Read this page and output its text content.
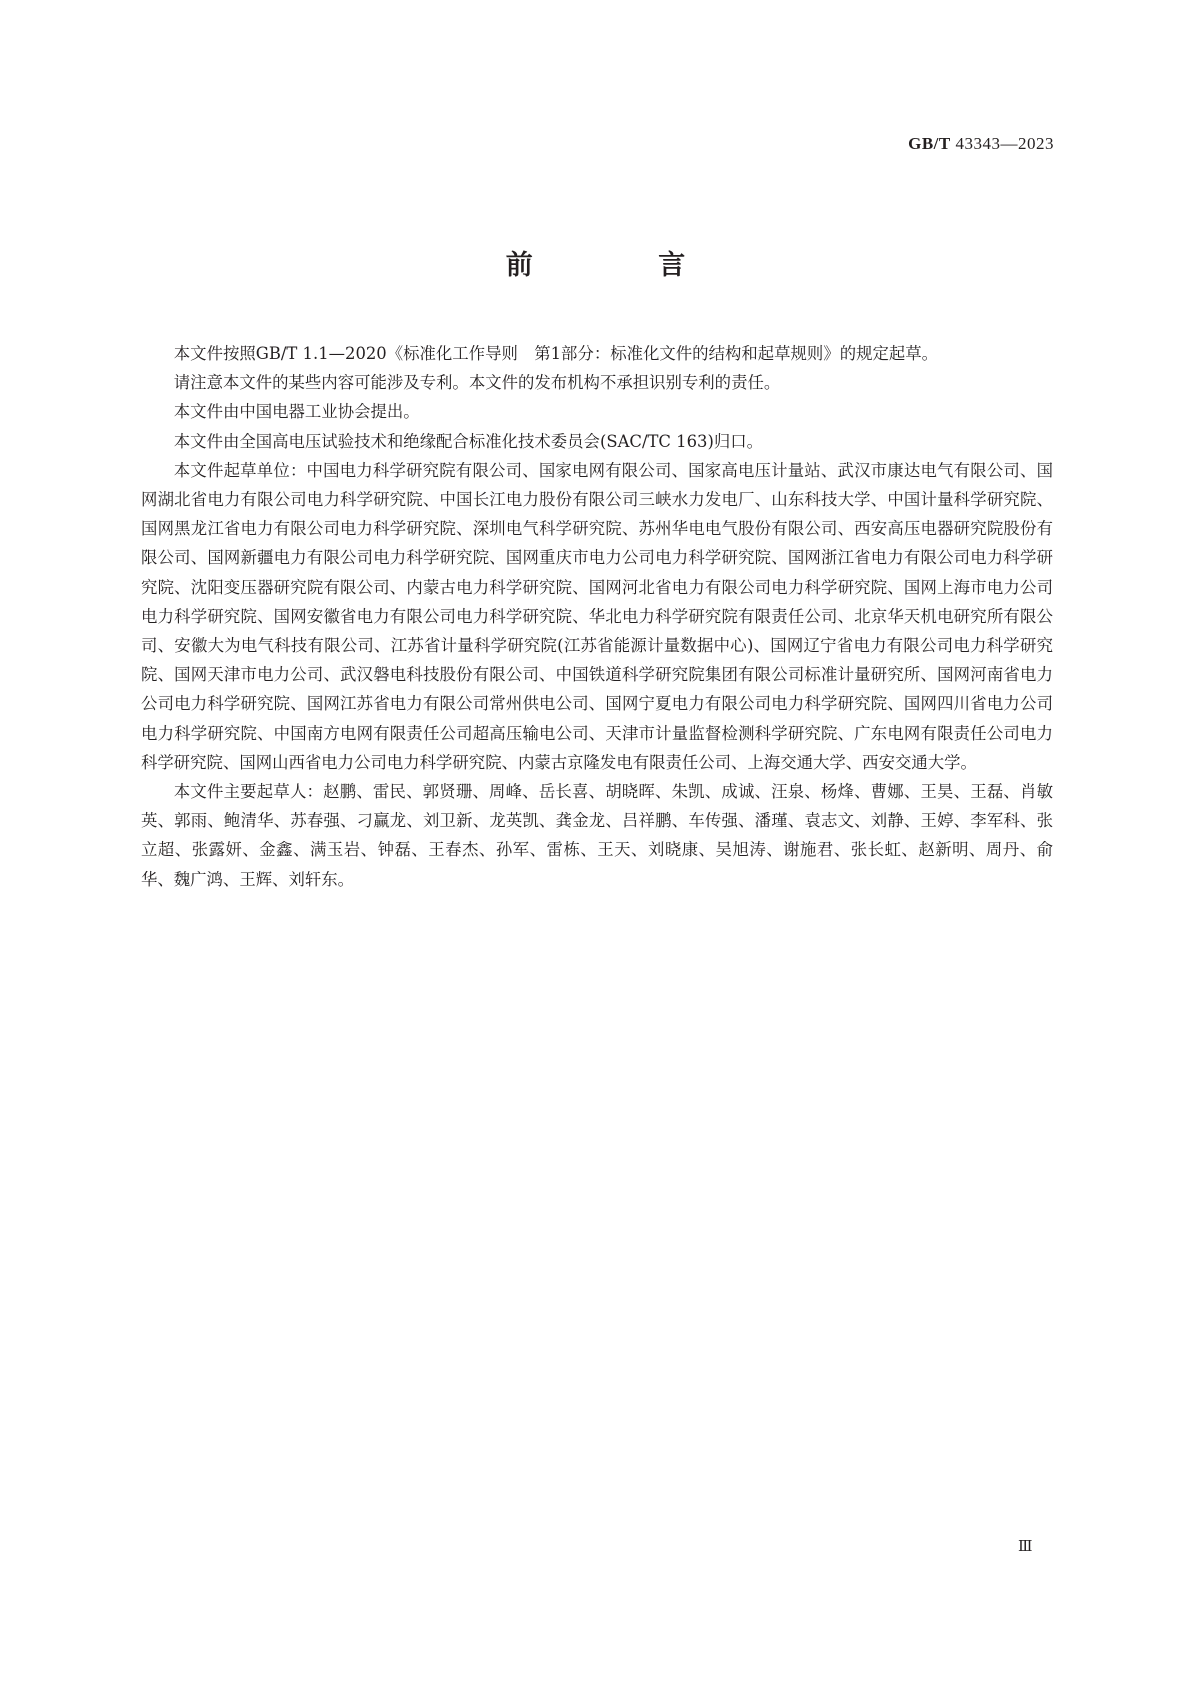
GB/T 43343—2023
前 言

本文件按照GB/T 1.1—2020《标准化工作导则　第1部分：标准化文件的结构和起草规则》的规定起草。

请注意本文件的某些内容可能涉及专利。本文件的发布机构不承担识别专利的责任。

本文件由中国电器工业协会提出。

本文件由全国高电压试验技术和绝缘配合标准化技术委员会(SAC/TC 163)归口。

本文件起草单位：中国电力科学研究院有限公司、国家电网有限公司、国家高电压计量站、武汉市康达电气有限公司、国网湖北省电力有限公司电力科学研究院、中国长江电力股份有限公司三峡水力发电厂、山东科技大学、中国计量科学研究院、国网黑龙江省电力有限公司电力科学研究院、深圳电气科学研究院、苏州华电电气股份有限公司、西安高压电器研究院股份有限公司、国网新疆电力有限公司电力科学研究院、国网重庆市电力公司电力科学研究院、国网浙江省电力有限公司电力科学研究院、沈阳变压器研究院有限公司、内蒙古电力科学研究院、国网河北省电力有限公司电力科学研究院、国网上海市电力公司电力科学研究院、国网安徽省电力有限公司电力科学研究院、华北电力科学研究院有限责任公司、北京华天机电研究所有限公司、安徽大为电气科技有限公司、江苏省计量科学研究院(江苏省能源计量数据中心)、国网辽宁省电力有限公司电力科学研究院、国网天津市电力公司、武汉磐电科技股份有限公司、中国铁道科学研究院集团有限公司标准计量研究所、国网河南省电力公司电力科学研究院、国网江苏省电力有限公司常州供电公司、国网宁夏电力有限公司电力科学研究院、国网四川省电力公司电力科学研究院、中国南方电网有限责任公司超高压输电公司、天津市计量监督检测科学研究院、广东电网有限责任公司电力科学研究院、国网山西省电力公司电力科学研究院、内蒙古京隆发电有限责任公司、上海交通大学、西安交通大学。

本文件主要起草人：赵鹏、雷民、郭贤珊、周峰、岳长喜、胡晓晖、朱凯、成诚、汪泉、杨烽、曹娜、王昊、王磊、肖敏英、郭雨、鲍清华、苏春强、刁赢龙、刘卫新、龙英凯、龚金龙、吕祥鹏、车传强、潘瑾、袁志文、刘静、王婷、李军科、张立超、张露妍、金鑫、满玉岩、钟磊、王春杰、孙军、雷栋、王天、刘晓康、吴旭涛、谢施君、张长虹、赵新明、周丹、俞华、魏广鸿、王辉、刘轩东。

Ⅲ
